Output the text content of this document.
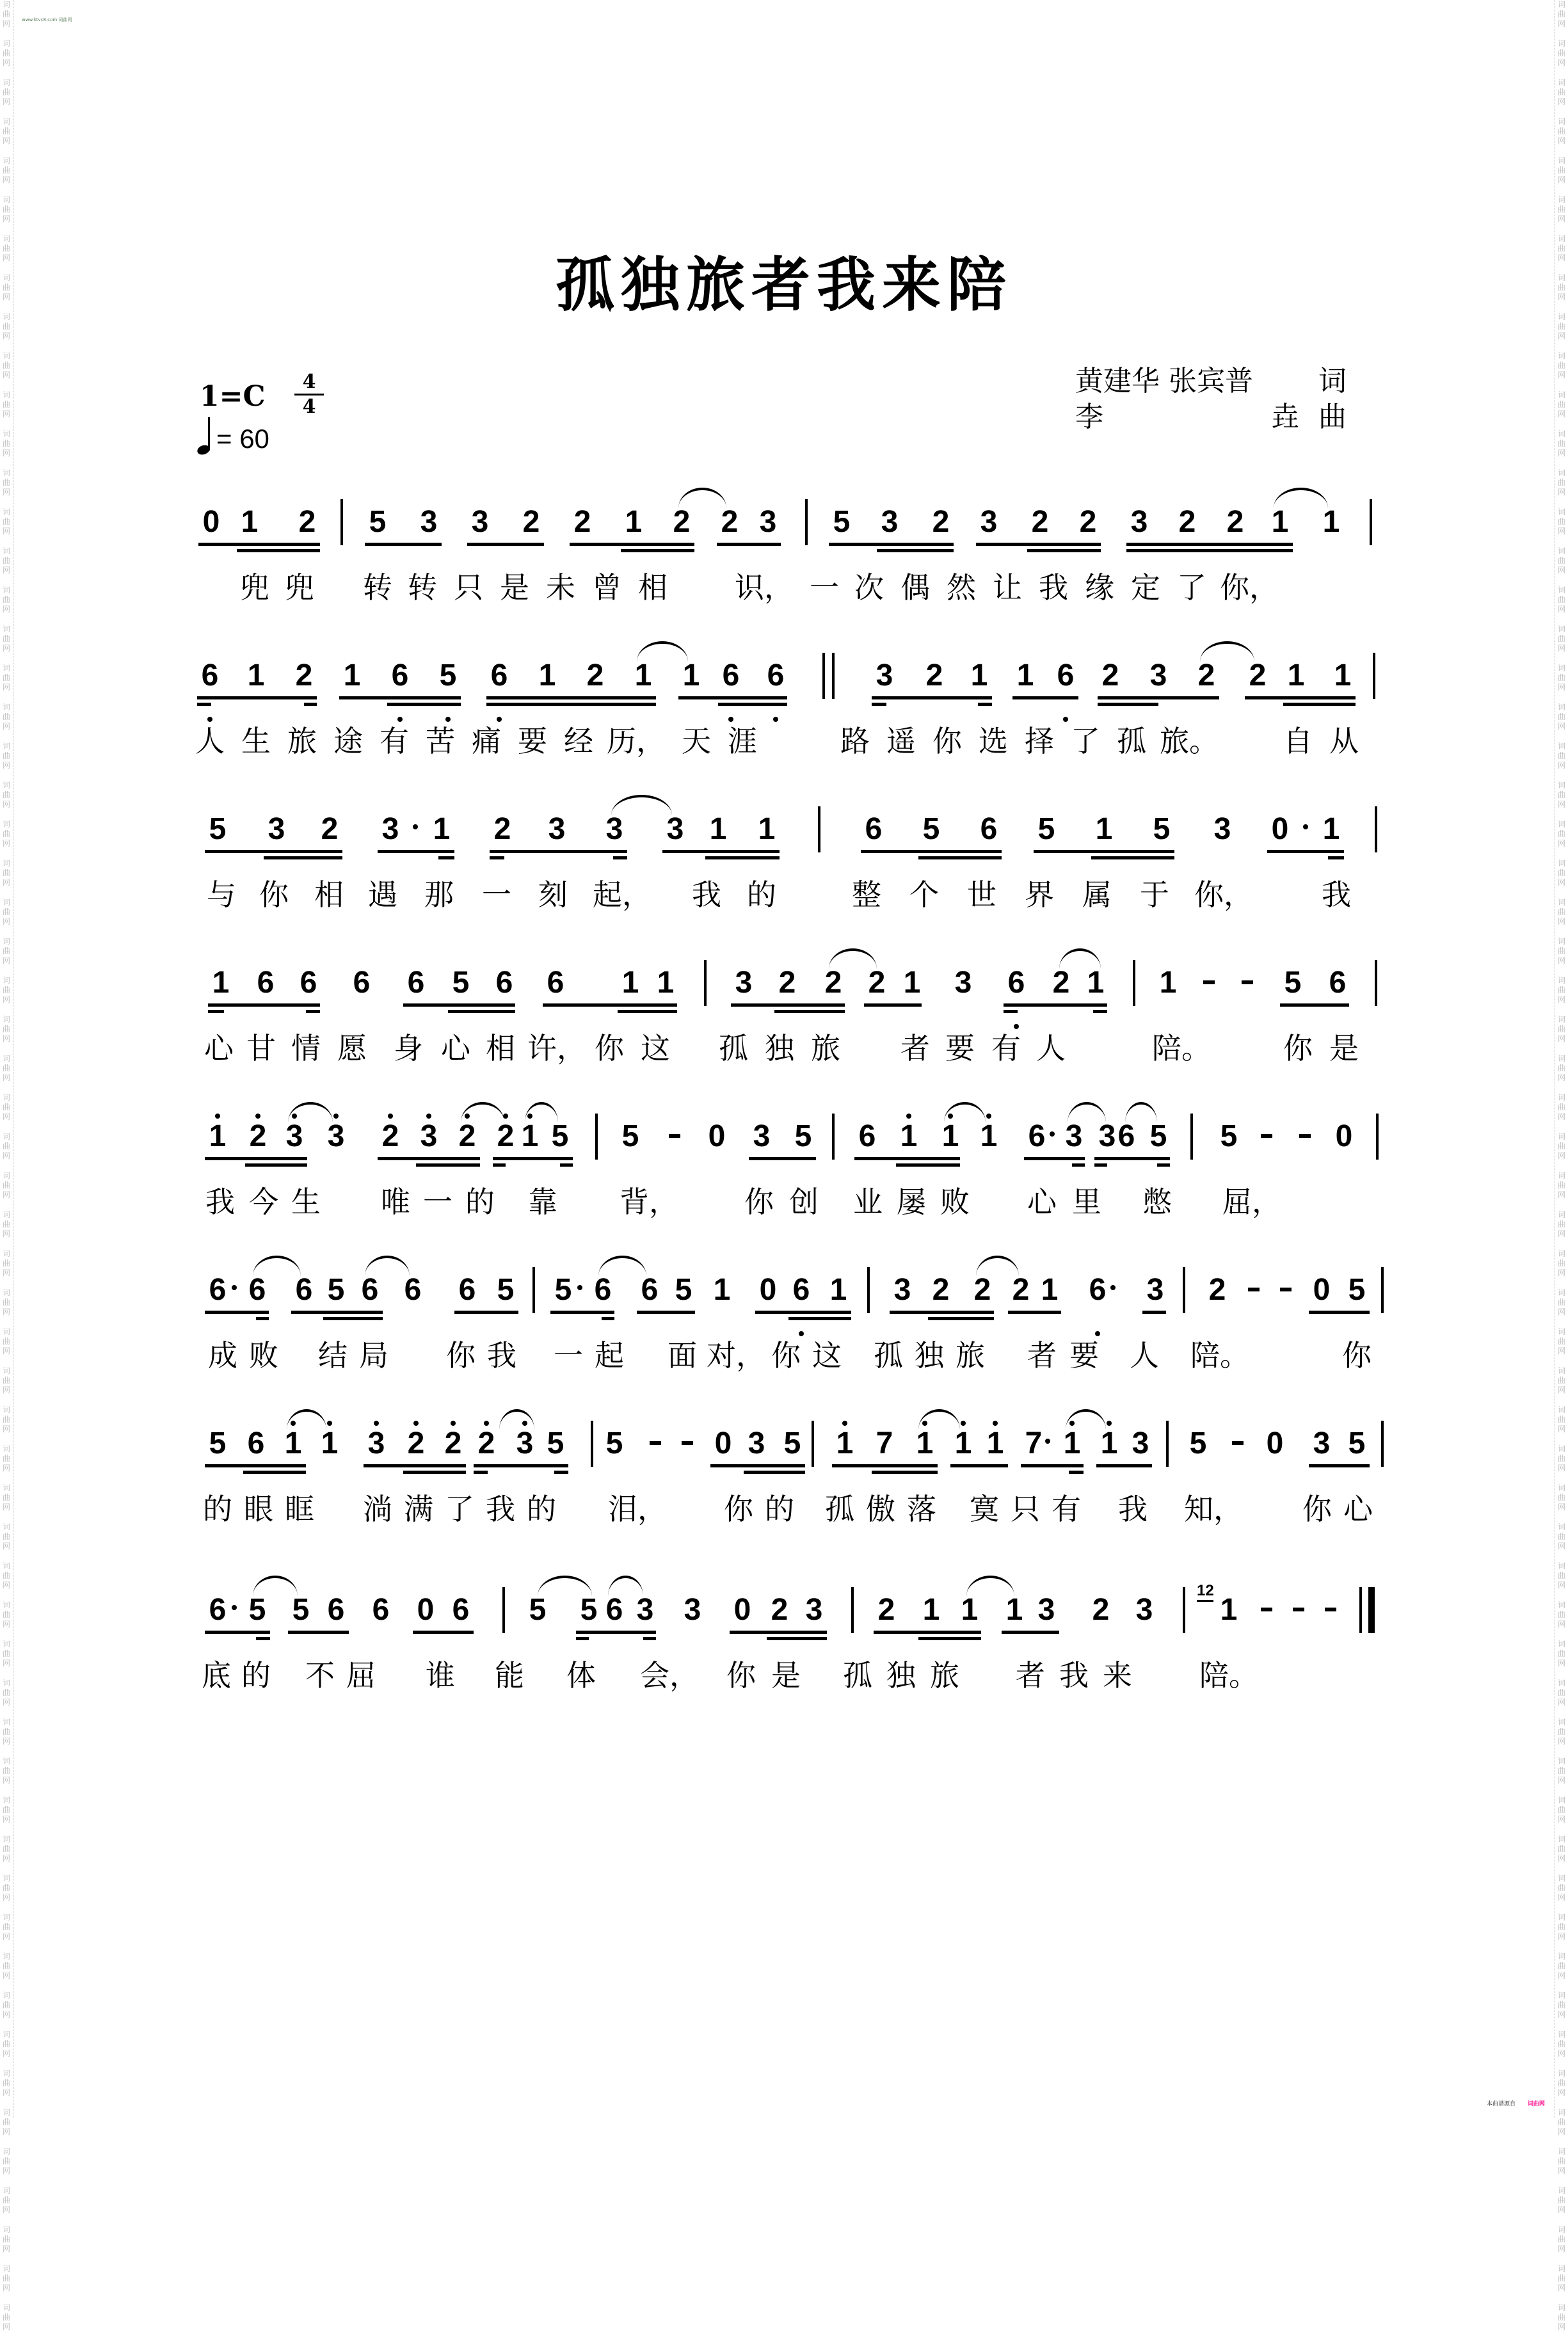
词
曲
网
词
曲
网
词
曲
网
词
曲
网
词
曲
网
词
曲
网
词
曲
网
词
曲
网
词
曲
网
词
曲
网
词
曲
网
词
曲
网
词
曲
网
词
曲
网
词
曲
网
词
曲
网
词
曲
网
词
曲
网
词
曲
网
词
曲
网
词
曲
网
词
曲
网
词
曲
网
词
曲
网
词
曲
网
词
曲
网
词
曲
网
词
曲
网
词
曲
网
词
曲
网
词
曲
网
词
曲
网
词
曲
网
词
曲
网
词
曲
网
词
曲
网
词
曲
网
词
曲
网
词
曲
网
词
曲
网
词
曲
网
词
曲
网
词
曲
网
词
曲
网
词
曲
网
词
曲
网
词
曲
网
词
曲
网
词
曲
网
词
曲
网
词
曲
网
词
曲
网
词
曲
网
词
曲
网
词
曲
网
词
曲
网
词
曲
网
词
曲
网
词
曲
网
词
曲
网
词
曲
网
词
曲
网
词
曲
网
词
曲
网
词
曲
网
词
曲
网
词
曲
网
词
曲
网
词
曲
网
词
曲
网
词
曲
网
词
曲
网
词
曲
网
词
曲
网
词
曲
网
词
曲
网
词
曲
网
词
曲
网
词
曲
网
词
曲
网
词
曲
网
词
曲
网
词
曲
网
词
曲
网
词
曲
网
词
曲
网
词
曲
网
词
曲
网
词
曲
网
词
曲
网
词
曲
网
词
曲
网
词
曲
网
词
曲
网
词
曲
网
词
曲
网
词
曲
网
词
曲
网
词
曲
网
词
曲
网
词
曲
网
词
曲
网
词
曲
网
词
曲
网
词
曲
网
词
曲
网
词
曲
网
词
曲
网
词
曲
网
词
曲
网
词
曲
网
词
曲
网
词
曲
网
词
曲
网
词
曲
网
词
曲
网
词
曲
网
词
曲
网
词
曲
网
词
曲
网
www.ktvc8.com 词曲网
孤独旅者我来陪
1=C	4
4
= 60
黄建华 张宾普	词
李	垚 曲
0 1 2 5 3 3 2 2 1 2 2 3 5 3 2 3 2 2 3 2 2 1 1
兜 兜 转 转 只 是 未 曾 相 识， 一 次 偶 然 让 我 缘 定 了 你，
6 1 2 1 6 5 6 1 2 1 1 6 6	3 2 1 1 6 2 3 2 2 1 1
人 生 旅 途 有 苦 痛 要 经 历， 天 涯	路 遥 你 选 择 了 孤 旅。 自 从
5 3 2 3 1 2 3 3 3 1 1	6 5 6 5 1 5 3 0 1
与 你 相 遇 那 一 刻 起， 我 的	整 个 世 界 属 于 你， 我
1 6 6 6 6 5 6 6 1 1 3 2 2 2 1 3 6 2 1 1	5 6
心 甘 情 愿 身 心 相 许， 你 这 孤 独 旅 者 要 有 人	陪。 你 是
1 2 3 3 2 3 2 2 1 5 5 0 3 5 6 1 1 1 6 3 3 6 5 5	0
我 今 生 唯 一 的 靠 背， 你 创 业 屡 败 心 里 憋 屈，
6 6 6 5 6 6 6 5 5 6 6 5 1 0 6 1 3 2 2 2 1 6 3 2	0 5
成 败 结 局 你 我 一 起 面 对， 你 这 孤 独 旅 者 要 人 陪。	你
5 6 1 1 3 2 2 2 3 5 5	0 3 5 1 7 1 1 1 7 1 1 3 5 0 3 5
的 眼 眶 淌 满 了 我 的 泪， 你 的 孤 傲 落 寞 只 有 我 知， 你 心
6 5 5 6 6 0 6 5 5 6 3 3 0 2 3 2 1 1 1 3 2 3
12
1
底 的 不 屈 谁 能 体 会， 你 是 孤 独 旅 者 我 来 陪。
本曲谱源自 词曲网
